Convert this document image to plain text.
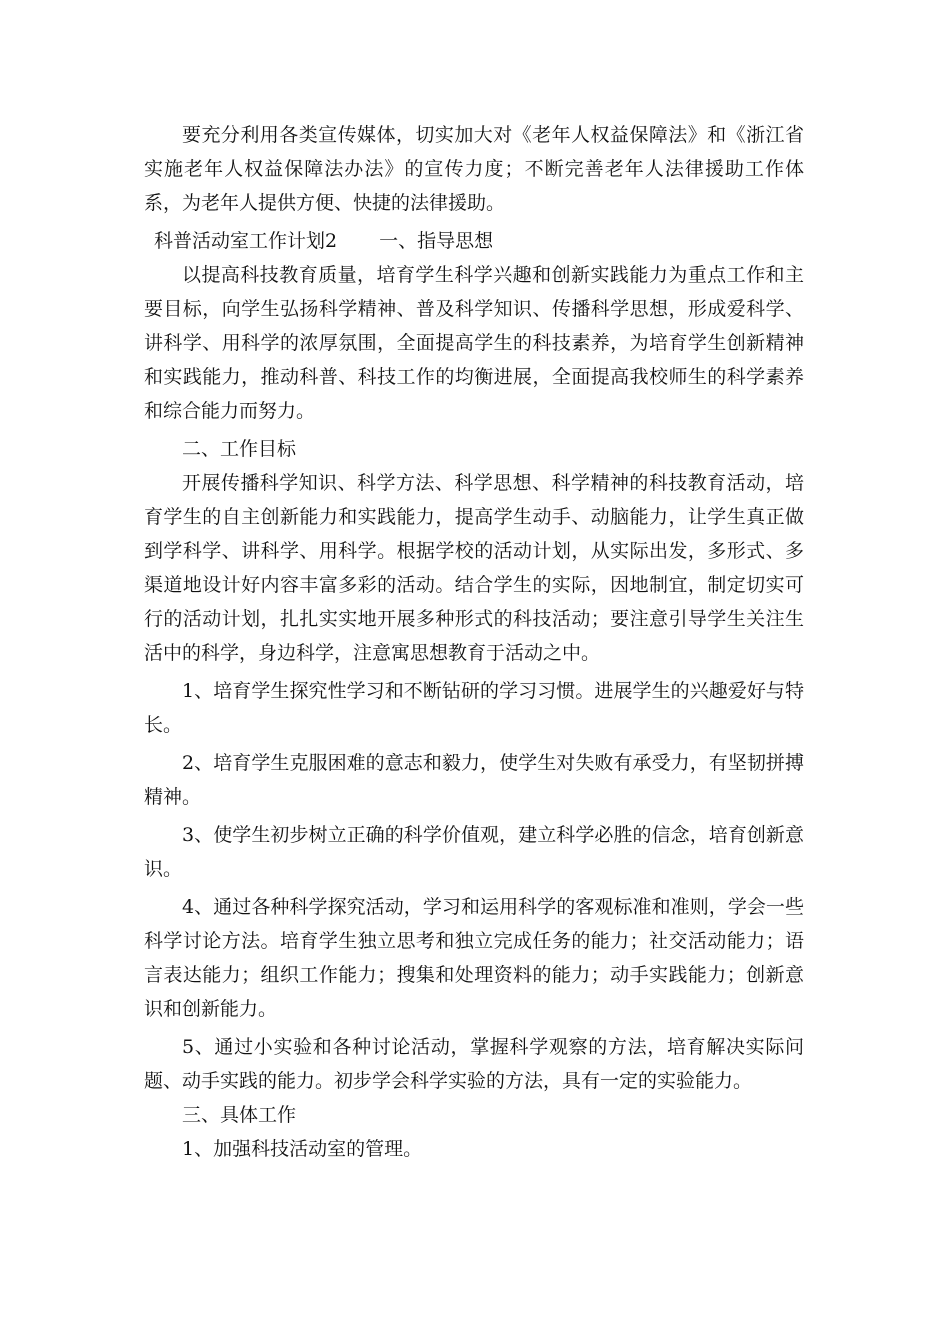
要充分利用各类宣传媒体，切实加大对《老年人权益保障法》和《浙江省实施老年人权益保障法办法》的宣传力度；不断完善老年人法律援助工作体系，为老年人提供方便、快捷的法律援助。

科普活动室工作计划2 一、指导思想

以提高科技教育质量，培育学生科学兴趣和创新实践能力为重点工作和主要目标，向学生弘扬科学精神、普及科学知识、传播科学思想，形成爱科学、讲科学、用科学的浓厚氛围，全面提高学生的科技素养，为培育学生创新精神和实践能力，推动科普、科技工作的均衡进展，全面提高我校师生的科学素养和综合能力而努力。

二、工作目标

开展传播科学知识、科学方法、科学思想、科学精神的科技教育活动，培育学生的自主创新能力和实践能力，提高学生动手、动脑能力，让学生真正做到学科学、讲科学、用科学。根据学校的活动计划，从实际出发，多形式、多渠道地设计好内容丰富多彩的活动。结合学生的实际，因地制宜，制定切实可行的活动计划，扎扎实实地开展多种形式的科技活动；要注意引导学生关注生活中的科学，身边科学，注意寓思想教育于活动之中。

1、培育学生探究性学习和不断钻研的学习习惯。进展学生的兴趣爱好与特长。

2、培育学生克服困难的意志和毅力，使学生对失败有承受力，有坚韧拼搏精神。

3、使学生初步树立正确的科学价值观，建立科学必胜的信念，培育创新意识。

4、通过各种科学探究活动，学习和运用科学的客观标准和准则，学会一些科学讨论方法。培育学生独立思考和独立完成任务的能力；社交活动能力；语言表达能力；组织工作能力；搜集和处理资料的能力；动手实践能力；创新意识和创新能力。

5、通过小实验和各种讨论活动，掌握科学观察的方法，培育解决实际问题、动手实践的能力。初步学会科学实验的方法，具有一定的实验能力。

三、具体工作

1、加强科技活动室的管理。
